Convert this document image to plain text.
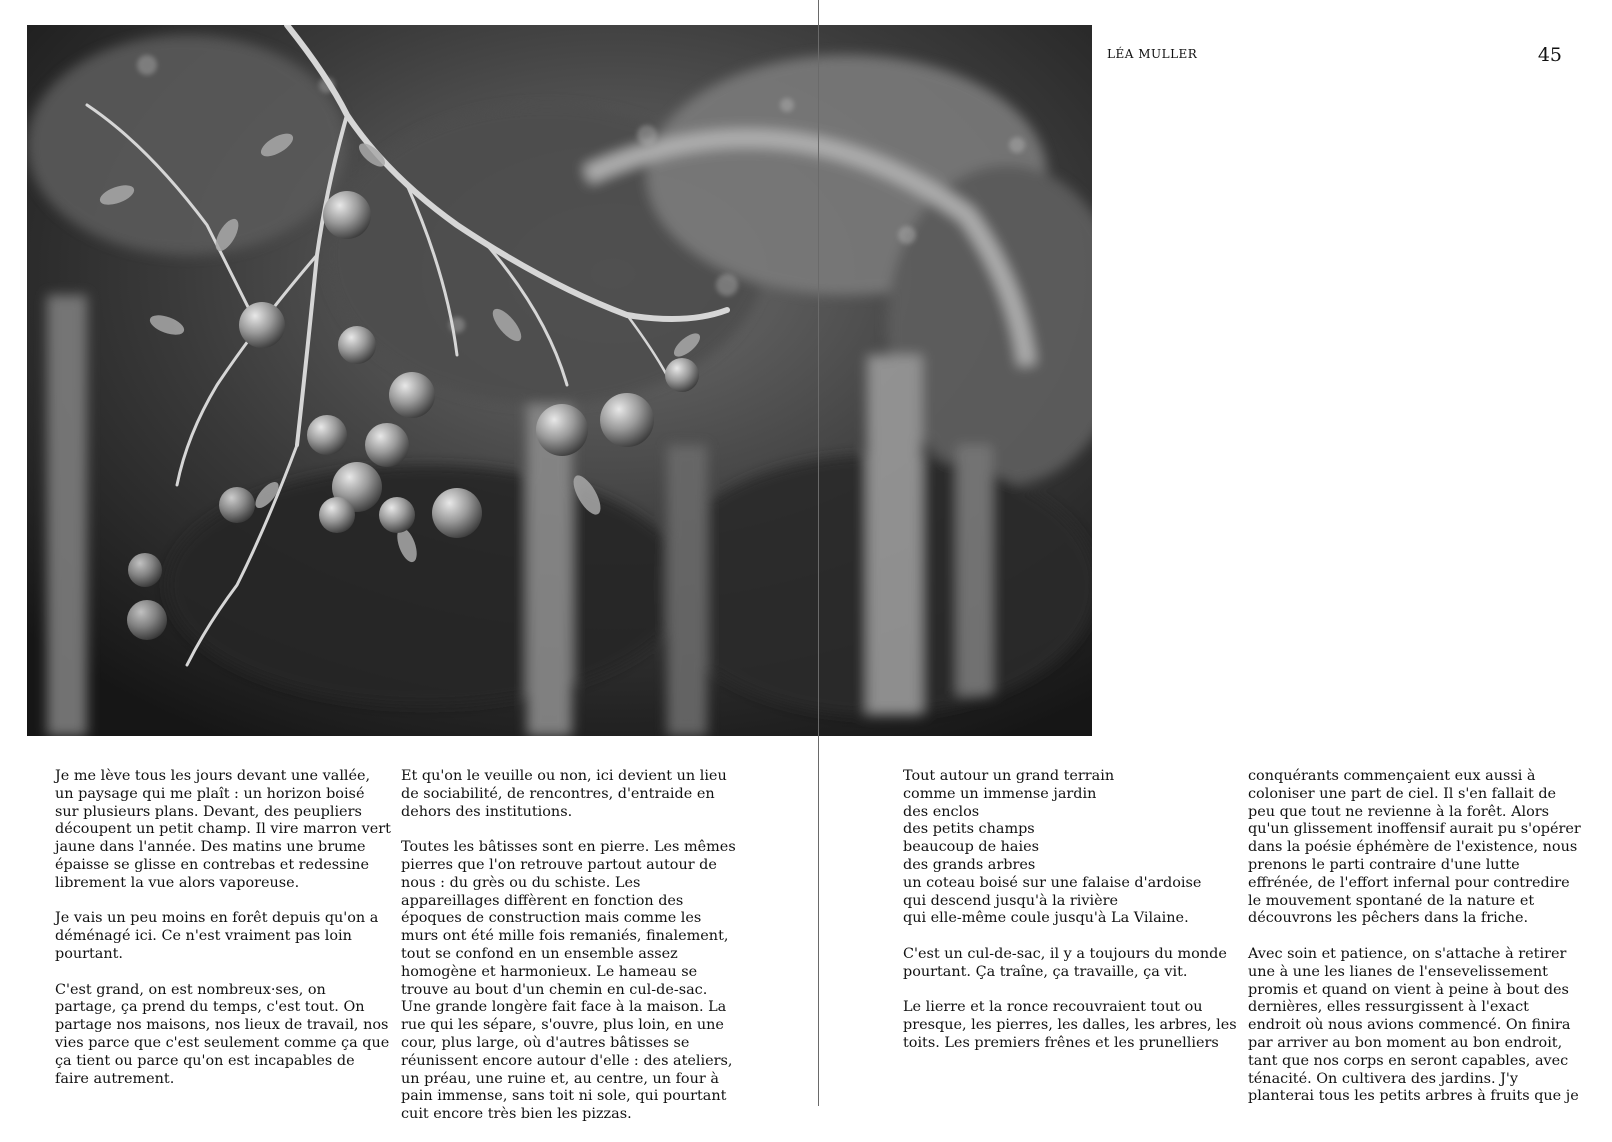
LÉA MULLER	45

Je me lève tous les jours devant une vallée, un paysage qui me plaît : un horizon boisé sur plusieurs plans. Devant, des peupliers découpent un petit champ. Il vire marron vert jaune dans l'année. Des matins une brume épaisse se glisse en contrebas et redessine librement la vue alors vaporeuse.

Je vais un peu moins en forêt depuis qu'on a déménagé ici. Ce n'est vraiment pas loin pourtant.

C'est grand, on est nombreux·ses, on partage, ça prend du temps, c'est tout. On partage nos maisons, nos lieux de travail, nos vies parce que c'est seulement comme ça que ça tient ou parce qu'on est incapables de faire autrement.

Et qu'on le veuille ou non, ici devient un lieu de sociabilité, de rencontres, d'entraide en dehors des institutions.

Toutes les bâtisses sont en pierre. Les mêmes pierres que l'on retrouve partout autour de nous : du grès ou du schiste. Les appareillages diffèrent en fonction des époques de construction mais comme les murs ont été mille fois remaniés, finalement, tout se confond en un ensemble assez homogène et harmonieux. Le hameau se trouve au bout d'un chemin en cul-de-sac. Une grande longère fait face à la maison. La rue qui les sépare, s'ouvre, plus loin, en une cour, plus large, où d'autres bâtisses se réunissent encore autour d'elle : des ateliers, un préau, une ruine et, au centre, un four à pain immense, sans toit ni sole, qui pourtant cuit encore très bien les pizzas.

Tout autour un grand terrain
comme un immense jardin
des enclos
des petits champs
beaucoup de haies
des grands arbres
un coteau boisé sur une falaise d'ardoise
qui descend jusqu'à la rivière
qui elle-même coule jusqu'à La Vilaine.

C'est un cul-de-sac, il y a toujours du monde pourtant. Ça traîne, ça travaille, ça vit.

Le lierre et la ronce recouvraient tout ou presque, les pierres, les dalles, les arbres, les toits. Les premiers frênes et les prunelliers

conquérants commençaient eux aussi à coloniser une part de ciel. Il s'en fallait de peu que tout ne revienne à la forêt. Alors qu'un glissement inoffensif aurait pu s'opérer dans la poésie éphémère de l'existence, nous prenons le parti contraire d'une lutte effrénée, de l'effort infernal pour contredire le mouvement spontané de la nature et découvrons les pêchers dans la friche.

Avec soin et patience, on s'attache à retirer une à une les lianes de l'ensevelissement promis et quand on vient à peine à bout des dernières, elles ressurgissent à l'exact endroit où nous avions commencé. On finira par arriver au bon moment au bon endroit, tant que nos corps en seront capables, avec ténacité. On cultivera des jardins. J'y planterai tous les petits arbres à fruits que je
